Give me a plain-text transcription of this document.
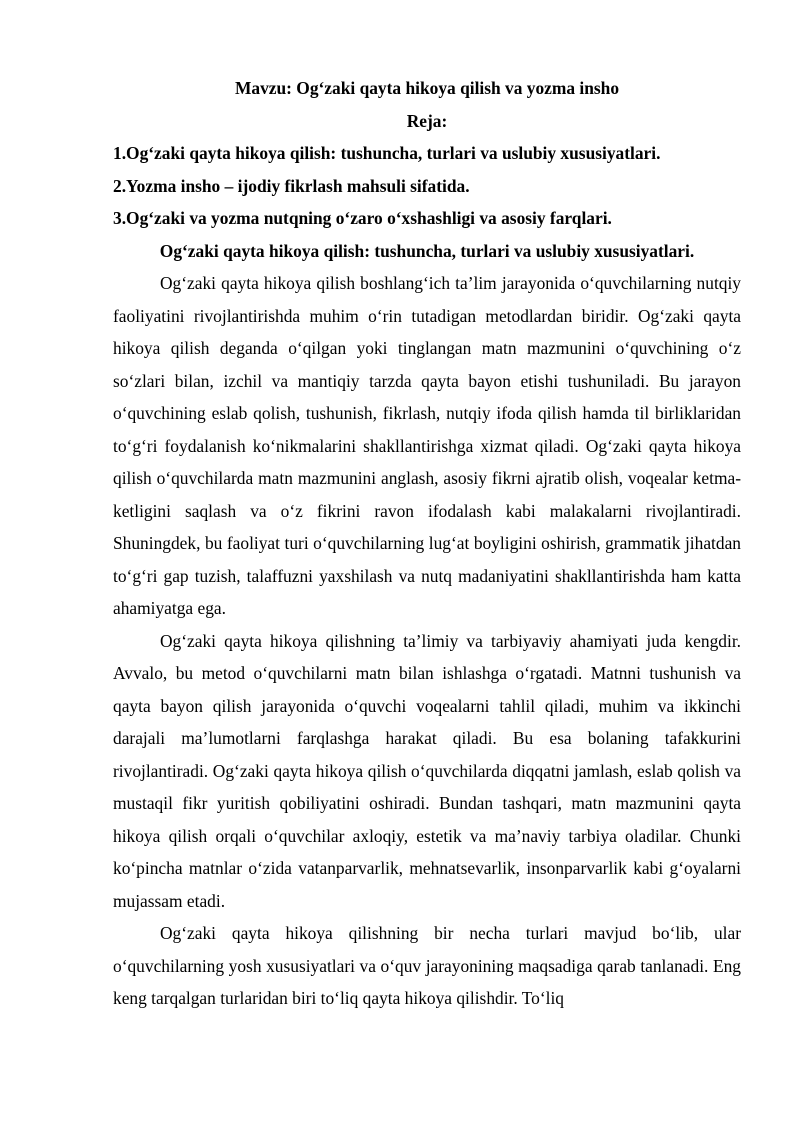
Mavzu: Og‘zaki qayta hikoya qilish va yozma insho

Reja:

1.Og‘zaki qayta hikoya qilish: tushuncha, turlari va uslubiy xususiyatlari.

2.Yozma insho – ijodiy fikrlash mahsuli sifatida.

3.Og‘zaki va yozma nutqning o‘zaro o‘xshashligi va asosiy farqlari.

Og‘zaki qayta hikoya qilish: tushuncha, turlari va uslubiy xususiyatlari.

Og‘zaki qayta hikoya qilish boshlang‘ich ta’lim jarayonida o‘quvchilarning nutqiy faoliyatini rivojlantirishda muhim o‘rin tutadigan metodlardan biridir. Og‘zaki qayta hikoya qilish deganda o‘qilgan yoki tinglangan matn mazmunini o‘quvchining o‘z so‘zlari bilan, izchil va mantiqiy tarzda qayta bayon etishi tushuniladi. Bu jarayon o‘quvchining eslab qolish, tushunish, fikrlash, nutqiy ifoda qilish hamda til birliklaridan to‘g‘ri foydalanish ko‘nikmalarini shakllantirishga xizmat qiladi. Og‘zaki qayta hikoya qilish o‘quvchilarda matn mazmunini anglash, asosiy fikrni ajratib olish, voqealar ketma-ketligini saqlash va o‘z fikrini ravon ifodalash kabi malakalarni rivojlantiradi. Shuningdek, bu faoliyat turi o‘quvchilarning lug‘at boyligini oshirish, grammatik jihatdan to‘g‘ri gap tuzish, talaffuzni yaxshilash va nutq madaniyatini shakllantirishda ham katta ahamiyatga ega.

Og‘zaki qayta hikoya qilishning ta’limiy va tarbiyaviy ahamiyati juda kengdir. Avvalo, bu metod o‘quvchilarni matn bilan ishlashga o‘rgatadi. Matnni tushunish va qayta bayon qilish jarayonida o‘quvchi voqealarni tahlil qiladi, muhim va ikkinchi darajali ma’lumotlarni farqlashga harakat qiladi. Bu esa bolaning tafakkurini rivojlantiradi. Og‘zaki qayta hikoya qilish o‘quvchilarda diqqatni jamlash, eslab qolish va mustaqil fikr yuritish qobiliyatini oshiradi. Bundan tashqari, matn mazmunini qayta hikoya qilish orqali o‘quvchilar axloqiy, estetik va ma’naviy tarbiya oladilar. Chunki ko‘pincha matnlar o‘zida vatanparvarlik, mehnatsevarlik, insonparvarlik kabi g‘oyalarni mujassam etadi.

Og‘zaki qayta hikoya qilishning bir necha turlari mavjud bo‘lib, ular o‘quvchilarning yosh xususiyatlari va o‘quv jarayonining maqsadiga qarab tanlanadi. Eng keng tarqalgan turlaridan biri to‘liq qayta hikoya qilishdir. To‘liq
